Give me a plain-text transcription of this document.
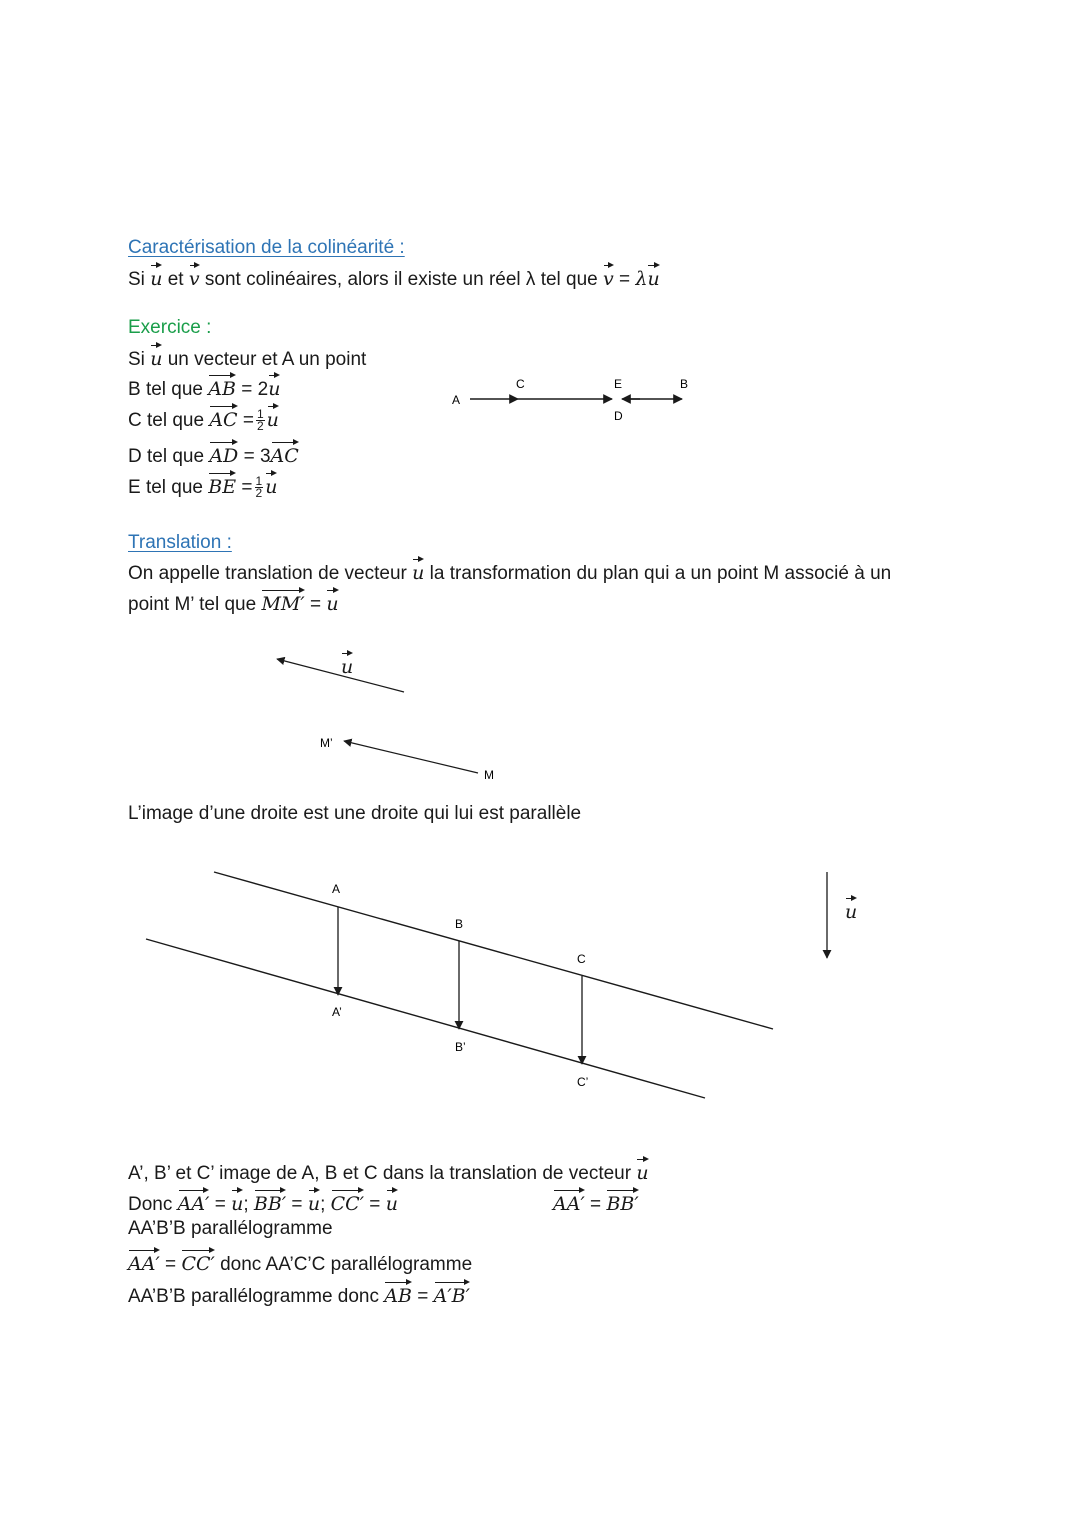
A
C	E
D
B
M’
M
A
B
C
A’
B’
C’
Caractérisation de la colinéarité :
Si u et v sont colinéaires, alors il existe un réel λ tel que v = λu
Exercice :
Si u un vecteur et A un point
B tel que AB = 2u
C tel que AC = $\frac{1}{2}$ u
D tel que AD = 3AC
E tel que BE = $\frac{1}{2}$ u
Translation :
On appelle translation de vecteur u la transformation du plan qui a un point M associé à un
point M’ tel que MM′ = u
u
L’image d’une droite est une droite qui lui est parallèle
u
A’, B’ et C’ image de A, B et C dans la translation de vecteur u
Donc AA′ = u; BB′ = u; CC′ = u	AA′ = BB′
AA’B’B parallélogramme
AA′ = CC′ donc AA’C’C parallélogramme
AA’B’B parallélogramme donc AB = A′B′
